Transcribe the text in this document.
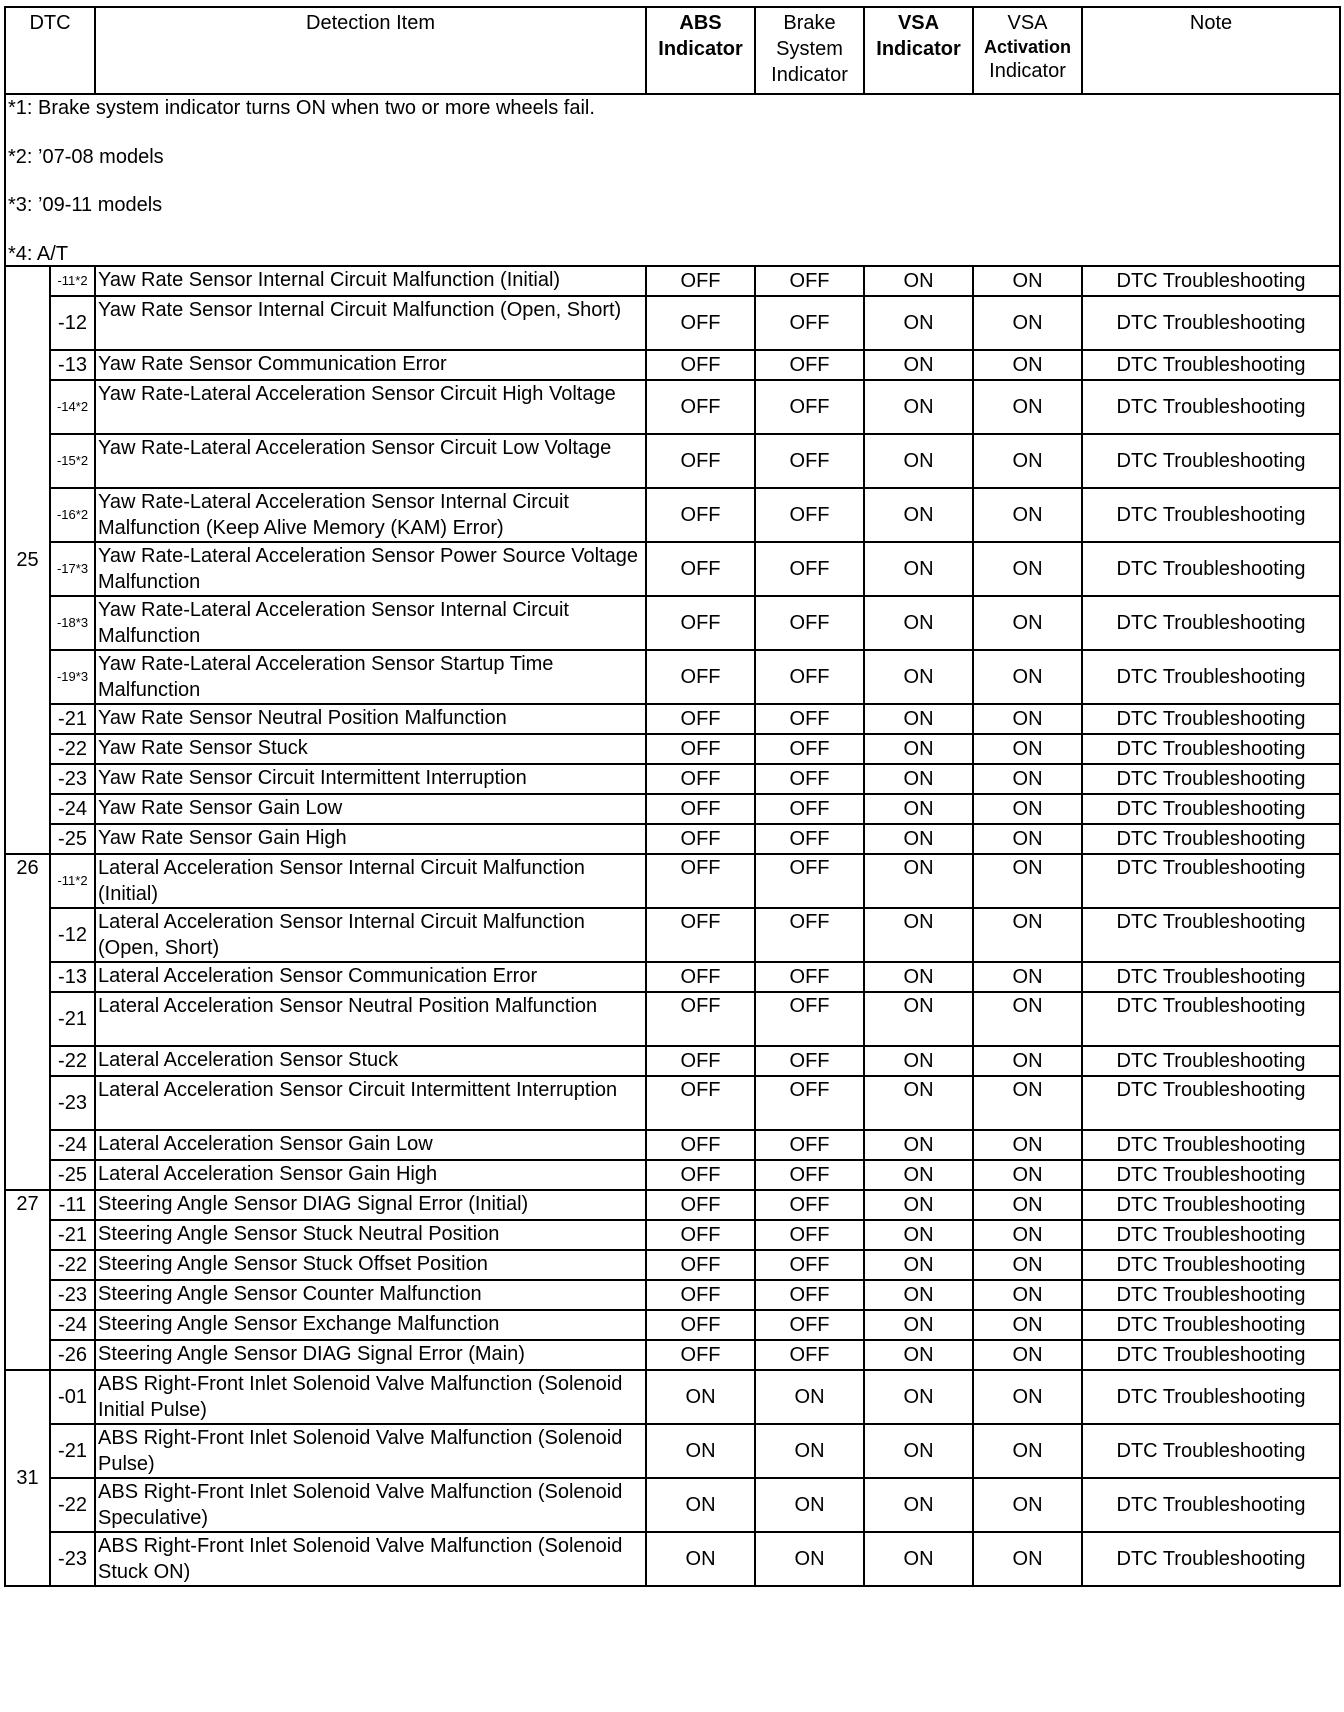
DTC		Detection Item	ABS Indicator	Brake System Indicator	VSA Indicator	VSA
Activation
Indicator	Note

*1: Brake system indicator turns ON when two or more wheels fail.
*2: ’07-08 models
*3: ’09-11 models
*4: A/T							

25	-11*2	Yaw Rate Sensor Internal Circuit Malfunction (Initial)	OFF	OFF	ON	ON	DTC Troubleshooting
	-12	Yaw Rate Sensor Internal Circuit Malfunction (Open, Short)	OFF	OFF	ON	ON	DTC Troubleshooting
	-13	Yaw Rate Sensor Communication Error	OFF	OFF	ON	ON	DTC Troubleshooting
	-14*2	Yaw Rate-Lateral Acceleration Sensor Circuit High Voltage	OFF	OFF	ON	ON	DTC Troubleshooting
	-15*2	Yaw Rate-Lateral Acceleration Sensor Circuit Low Voltage	OFF	OFF	ON	ON	DTC Troubleshooting
	-16*2	Yaw Rate-Lateral Acceleration Sensor Internal Circuit Malfunction (Keep Alive Memory (KAM) Error)	OFF	OFF	ON	ON	DTC Troubleshooting
	-17*3	Yaw Rate-Lateral Acceleration Sensor Power Source Voltage Malfunction	OFF	OFF	ON	ON	DTC Troubleshooting
	-18*3	Yaw Rate-Lateral Acceleration Sensor Internal Circuit Malfunction	OFF	OFF	ON	ON	DTC Troubleshooting
	-19*3	Yaw Rate-Lateral Acceleration Sensor Startup Time Malfunction	OFF	OFF	ON	ON	DTC Troubleshooting
	-21	Yaw Rate Sensor Neutral Position Malfunction	OFF	OFF	ON	ON	DTC Troubleshooting
	-22	Yaw Rate Sensor Stuck	OFF	OFF	ON	ON	DTC Troubleshooting
	-23	Yaw Rate Sensor Circuit Intermittent Interruption	OFF	OFF	ON	ON	DTC Troubleshooting
	-24	Yaw Rate Sensor Gain Low	OFF	OFF	ON	ON	DTC Troubleshooting
	-25	Yaw Rate Sensor Gain High	OFF	OFF	ON	ON	DTC Troubleshooting
26	-11*2	Lateral Acceleration Sensor Internal Circuit Malfunction (Initial)	OFF	OFF	ON	ON	DTC Troubleshooting
	-12	Lateral Acceleration Sensor Internal Circuit Malfunction (Open, Short)	OFF	OFF	ON	ON	DTC Troubleshooting
	-13	Lateral Acceleration Sensor Communication Error	OFF	OFF	ON	ON	DTC Troubleshooting
	-21	Lateral Acceleration Sensor Neutral Position Malfunction	OFF	OFF	ON	ON	DTC Troubleshooting
	-22	Lateral Acceleration Sensor Stuck	OFF	OFF	ON	ON	DTC Troubleshooting
	-23	Lateral Acceleration Sensor Circuit Intermittent Interruption	OFF	OFF	ON	ON	DTC Troubleshooting
	-24	Lateral Acceleration Sensor Gain Low	OFF	OFF	ON	ON	DTC Troubleshooting
	-25	Lateral Acceleration Sensor Gain High	OFF	OFF	ON	ON	DTC Troubleshooting
27	-11	Steering Angle Sensor DIAG Signal Error (Initial)	OFF	OFF	ON	ON	DTC Troubleshooting
	-21	Steering Angle Sensor Stuck Neutral Position	OFF	OFF	ON	ON	DTC Troubleshooting
	-22	Steering Angle Sensor Stuck Offset Position	OFF	OFF	ON	ON	DTC Troubleshooting
	-23	Steering Angle Sensor Counter Malfunction	OFF	OFF	ON	ON	DTC Troubleshooting
	-24	Steering Angle Sensor Exchange Malfunction	OFF	OFF	ON	ON	DTC Troubleshooting
	-26	Steering Angle Sensor DIAG Signal Error (Main)	OFF	OFF	ON	ON	DTC Troubleshooting
31	-01	ABS Right-Front Inlet Solenoid Valve Malfunction (Solenoid Initial Pulse)	ON	ON	ON	ON	DTC Troubleshooting
	-21	ABS Right-Front Inlet Solenoid Valve Malfunction (Solenoid Pulse)	ON	ON	ON	ON	DTC Troubleshooting
	-22	ABS Right-Front Inlet Solenoid Valve Malfunction (Solenoid Speculative)	ON	ON	ON	ON	DTC Troubleshooting
	-23	ABS Right-Front Inlet Solenoid Valve Malfunction (Solenoid Stuck ON)	ON	ON	ON	ON	DTC Troubleshooting
